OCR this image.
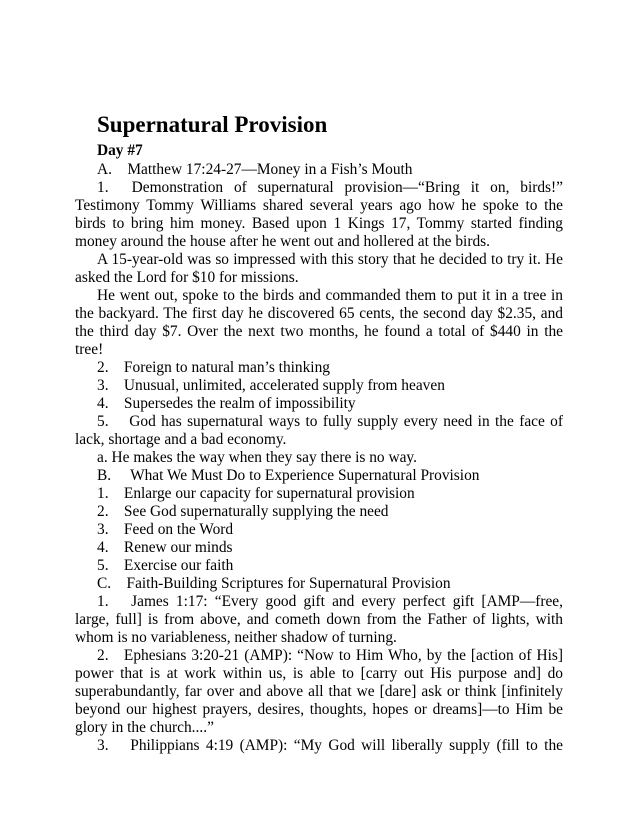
Supernatural Provision
Day #7

A. Matthew 17:24-27—Money in a Fish’s Mouth

1.  Demonstration of supernatural provision—“Bring it on, birds!” Testimony Tommy Williams shared several years ago how he spoke to the birds to bring him money. Based upon 1 Kings 17, Tommy started finding money around the house after he went out and hollered at the birds.

A 15-year-old was so impressed with this story that he decided to try it. He asked the Lord for $10 for missions.

He went out, spoke to the birds and commanded them to put it in a tree in the backyard. The first day he discovered 65 cents, the second day $2.35, and the third day $7. Over the next two months, he found a total of $440 in the tree!

2. Foreign to natural man’s thinking

3. Unusual, unlimited, accelerated supply from heaven

4. Supersedes the realm of impossibility

5.  God has supernatural ways to fully supply every need in the face of lack, shortage and a bad economy.

a. He makes the way when they say there is no way.

B.  What We Must Do to Experience Supernatural Provision

1. Enlarge our capacity for supernatural provision

2. See God supernaturally supplying the need

3. Feed on the Word

4. Renew our minds

5. Exercise our faith

C. Faith-Building Scriptures for Supernatural Provision

1.  James 1:17: “Every good gift and every perfect gift [AMP—free, large, full] is from above, and cometh down from the Father of lights, with whom is no variableness, neither shadow of turning.

2. Ephesians 3:20-21 (AMP): “Now to Him Who, by the [action of His] power that is at work within us, is able to [carry out His purpose and] do superabundantly, far over and above all that we [dare] ask or think [infinitely beyond our highest prayers, desires, thoughts, hopes or dreams]—to Him be glory in the church....”

3.  Philippians 4:19 (AMP): “My God will liberally supply (fill to the
